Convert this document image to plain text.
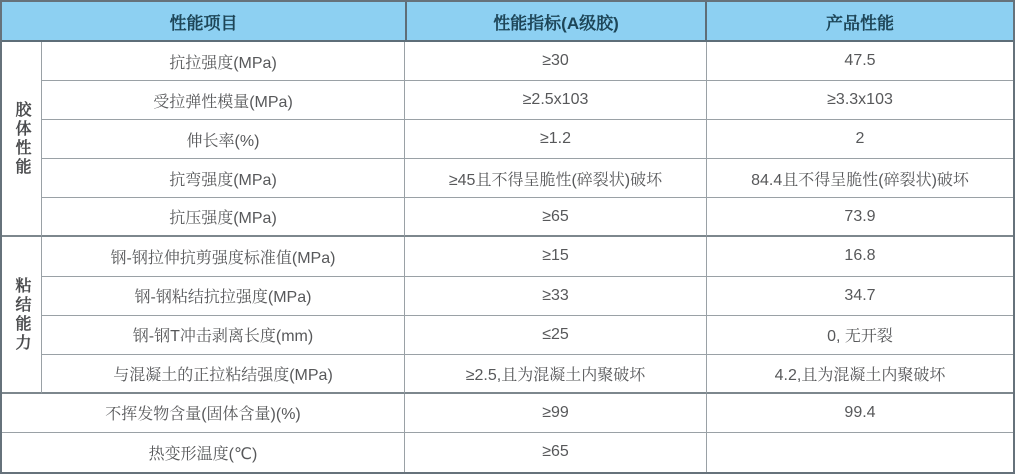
性能项目	性能指标(A级胶)	产品性能
胶体性能
抗拉强度(MPa)	≥30	47.5
受拉弹性模量(MPa)	≥2.5x103	≥3.3x103
伸长率(%)	≥1.2	2
抗弯强度(MPa)	≥45且不得呈脆性(碎裂状)破坏	84.4且不得呈脆性(碎裂状)破坏
抗压强度(MPa)	≥65	73.9
粘结能力
钢-钢拉伸抗剪强度标准值(MPa)	≥15	16.8
钢-钢粘结抗拉强度(MPa)	≥33	34.7
钢-钢T冲击剥离长度(mm)	≤25	0, 无开裂
与混凝土的正拉粘结强度(MPa)	≥2.5,且为混凝土内聚破坏	4.2,且为混凝土内聚破坏
不挥发物含量(固体含量)(%)	≥99	99.4
热变形温度(℃)	≥65
